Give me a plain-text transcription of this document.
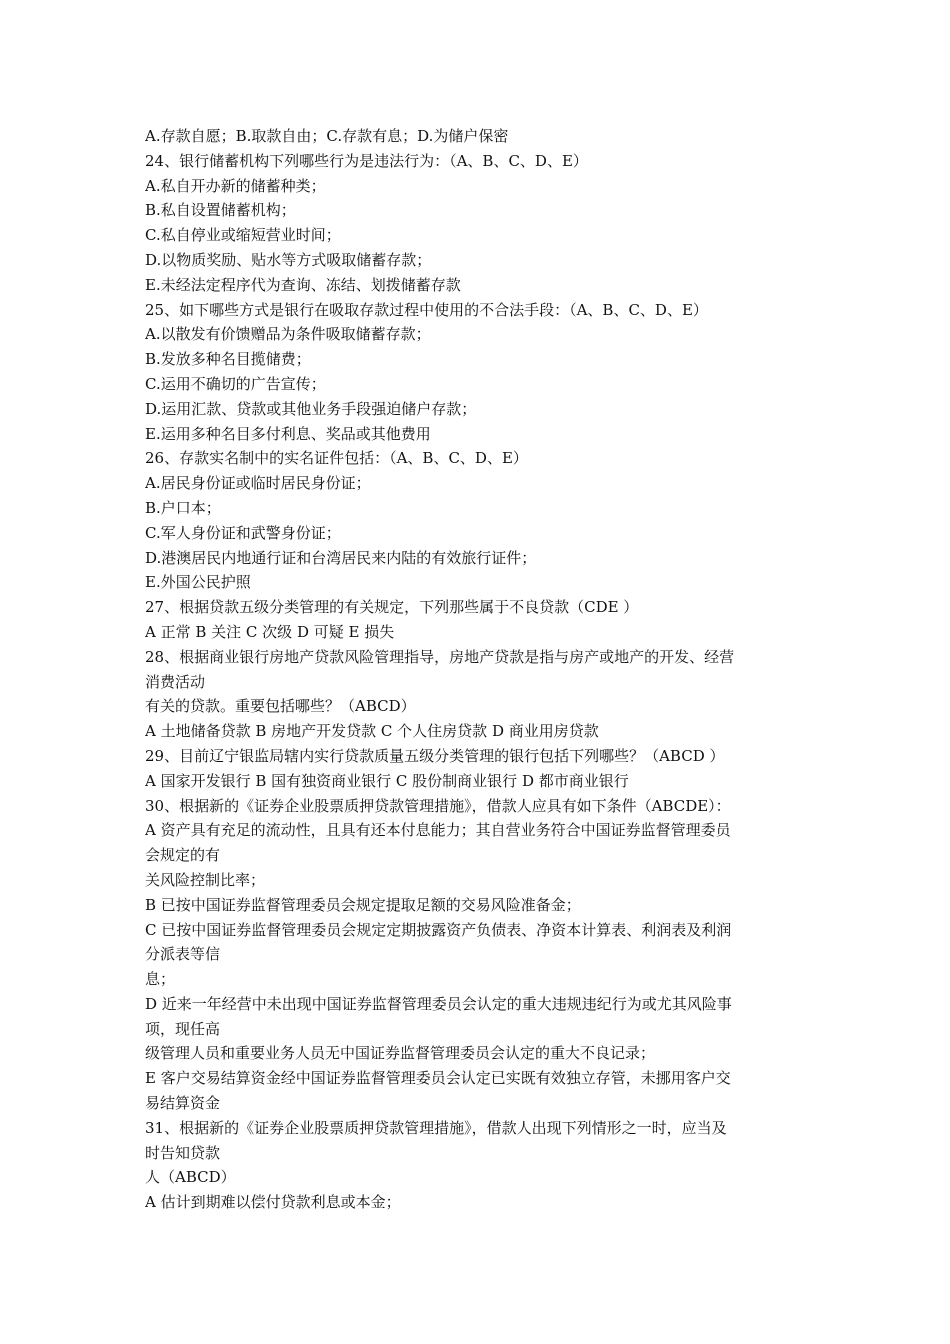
A.存款自愿；B.取款自由；C.存款有息；D.为储户保密
24、银行储蓄机构下列哪些行为是违法行为：（A、B、C、D、E）
A.私自开办新的储蓄种类；
B.私自设置储蓄机构；
C.私自停业或缩短营业时间；
D.以物质奖励、贴水等方式吸取储蓄存款；
E.未经法定程序代为查询、冻结、划拨储蓄存款
25、如下哪些方式是银行在吸取存款过程中使用的不合法手段：（A、B、C、D、E）
A.以散发有价馈赠品为条件吸取储蓄存款；
B.发放多种名目揽储费；
C.运用不确切的广告宣传；
D.运用汇款、贷款或其他业务手段强迫储户存款；
E.运用多种名目多付利息、奖品或其他费用
26、存款实名制中的实名证件包括：（A、B、C、D、E）
A.居民身份证或临时居民身份证；
B.户口本；
C.军人身份证和武警身份证；
D.港澳居民内地通行证和台湾居民来内陆的有效旅行证件；
E.外国公民护照
27、根据贷款五级分类管理的有关规定，下列那些属于不良贷款（CDE ）
A 正常 B 关注 C 次级 D 可疑 E 损失
28、根据商业银行房地产贷款风险管理指导，房地产贷款是指与房产或地产的开发、经营
消费活动
有关的贷款。重要包括哪些？（ABCD）
A 土地储备贷款 B 房地产开发贷款 C 个人住房贷款 D 商业用房贷款
29、目前辽宁银监局辖内实行贷款质量五级分类管理的银行包括下列哪些？（ABCD ）
A 国家开发银行 B 国有独资商业银行 C 股份制商业银行 D 都市商业银行
30、根据新的《证券企业股票质押贷款管理措施》，借款人应具有如下条件（ABCDE）：
A 资产具有充足的流动性，且具有还本付息能力；其自营业务符合中国证券监督管理委员
会规定的有
关风险控制比率；
B 已按中国证券监督管理委员会规定提取足额的交易风险准备金；
C 已按中国证券监督管理委员会规定定期披露资产负债表、净资本计算表、利润表及利润
分派表等信
息；
D 近来一年经营中未出现中国证券监督管理委员会认定的重大违规违纪行为或尤其风险事
项，现任高
级管理人员和重要业务人员无中国证券监督管理委员会认定的重大不良记录；
E 客户交易结算资金经中国证券监督管理委员会认定已实既有效独立存管，未挪用客户交
易结算资金
31、根据新的《证券企业股票质押贷款管理措施》，借款人出现下列情形之一时，应当及
时告知贷款
人（ABCD）
A 估计到期难以偿付贷款利息或本金；
